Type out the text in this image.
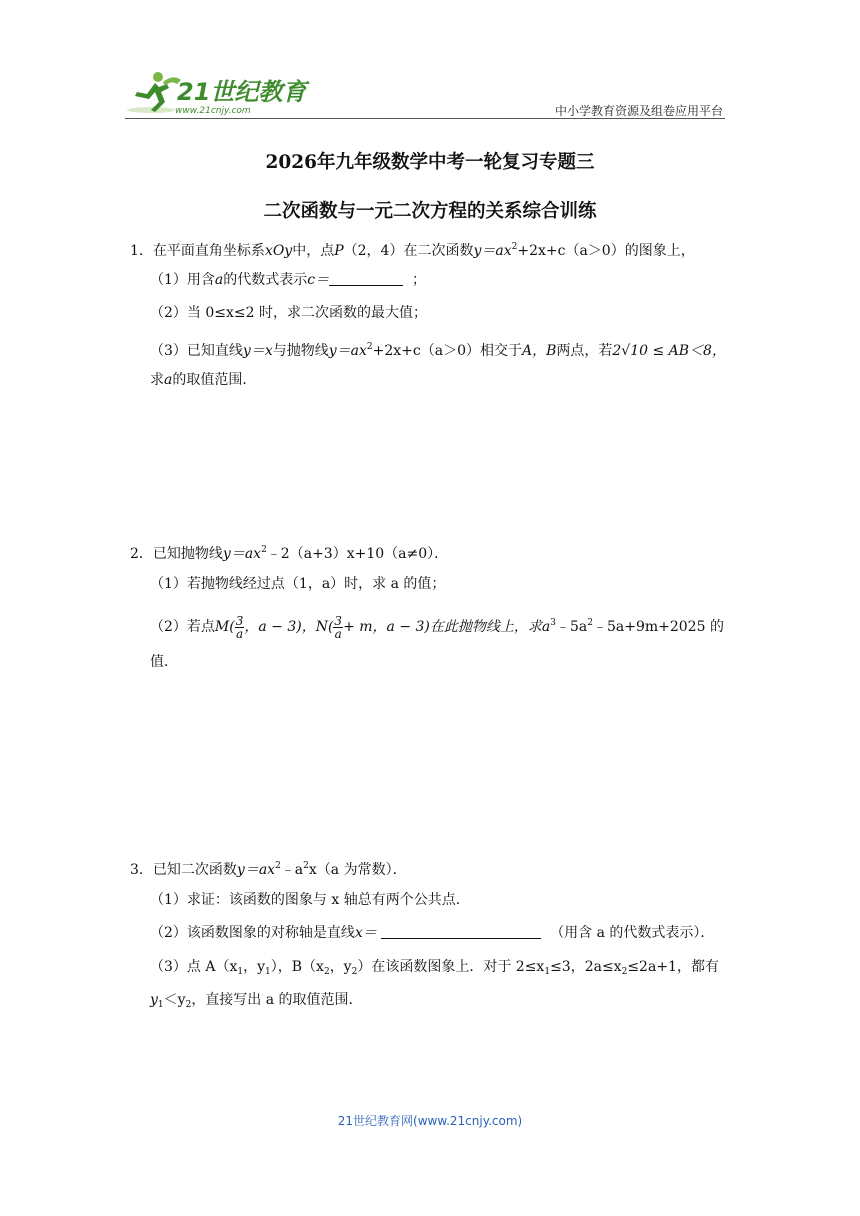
21世纪教育
www.21cnjy.com	中小学教育资源及组卷应用平台
2026年九年级数学中考一轮复习专题三
二次函数与一元二次方程的关系综合训练
1．在平面直角坐标系xOy中，点P（2，4）在二次函数$y=ax^2+2x+c(a>0)$的图象上，
（1）用含a的代数式表示c＝	；
（2）当 0≤x≤2 时，求二次函数的最大值；
（3）已知直线y＝x与抛物线$y=ax^2+2x+c(a>0)$相交于A，B两点，若2√10 ≤ AB＜8，
求a的取值范围．
2．已知抛物线$y=ax^2﹣2(a+3)x+10(a\ne 0)$．
（1）若抛物线经过点（1，a）时，求 a 的值；
（2）若点$M( \frac{3}{a}$ ，a − 3)，$N( \frac{3}{a} + m$，a − 3)在此抛物线上，求$a^3﹣5a^2﹣5a+9m+2025$ 的
值．
3．已知二次函数$y=ax^2﹣a^2x(a$ 为常数）．
（1）求证：该函数的图象与 x 轴总有两个公共点．
（2）该函数图象的对称轴是直线x＝	（用含 a 的代数式表示）．
（3）点 $A(x_1$，$y_1$），$B(x_2$，$y_2$）在该函数图象上．对于 $2\le x_1\le 3$，$2a\le x_2\le 2a+1$，都有
$y_1<y_2$，直接写出 a 的取值范围．
21世纪教育网(www.21cnjy.com)
